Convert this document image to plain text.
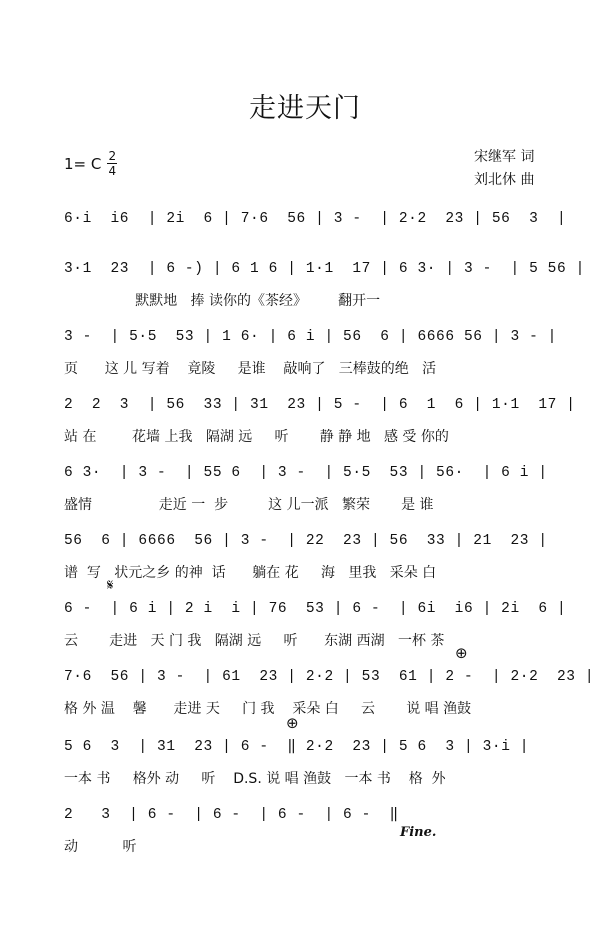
走进天门
1= C 2
4
宋继军 词
刘北休 曲
6·i  i6  | 2i  6 | 7·6  56 | 3 -  | 2·2  23 | 56  3  |
3·1  23  | 6 -) | 6 1 6 | 1·1  17 | 6 3· | 3 -  | 5 56 |
默默地   捧 读你的《茶经》       翻开一
3 -  | 5·5  53 | 1 6· | 6 i | 56  6 | 6666 56 | 3 - |
页      这 儿 写着    竟陵     是谁    敲响了   三棒鼓的绝   活
2  2  3  | 56  33 | 31  23 | 5 -  | 6  1  6 | 1·1  17 |
站 在        花墙 上我   隔湖 远     听       静 静 地   感 受 你的
6 3·  | 3 -  | 55 6  | 3 -  | 5·5  53 | 56·  | 6 i |
盛情               走近 一  步         这 儿一派   繁荣       是 谁
56  6 | 6666  56 | 3 -  | 22  23 | 56  33 | 21  23 |
谱  写   状元之乡 的神  话      躺在 花     海   里我   采朵 白
𝄋
6 -  | 6 i | 2 i  i | 76  53 | 6 -  | 6i  i6 | 2i  6 |
云       走进   天 门 我   隔湖 远     听      东湖 西湖   一杯 茶
⊕
7·6  56 | 3 -  | 61  23 | 2·2 | 53  61 | 2 -  | 2·2  23 |
格 外 温    馨      走进 天     门 我    采朵 白     云       说 唱 渔鼓
⊕
5 6  3  | 31  23 | 6 -  ‖ 2·2  23 | 5 6  3 | 3·i |
一本 书     格外 动     听    D.S. 说 唱 渔鼓   一本 书    格  外
2   3  | 6 -  | 6 -  | 6 -  | 6 -  ‖
动          听
Fine.
